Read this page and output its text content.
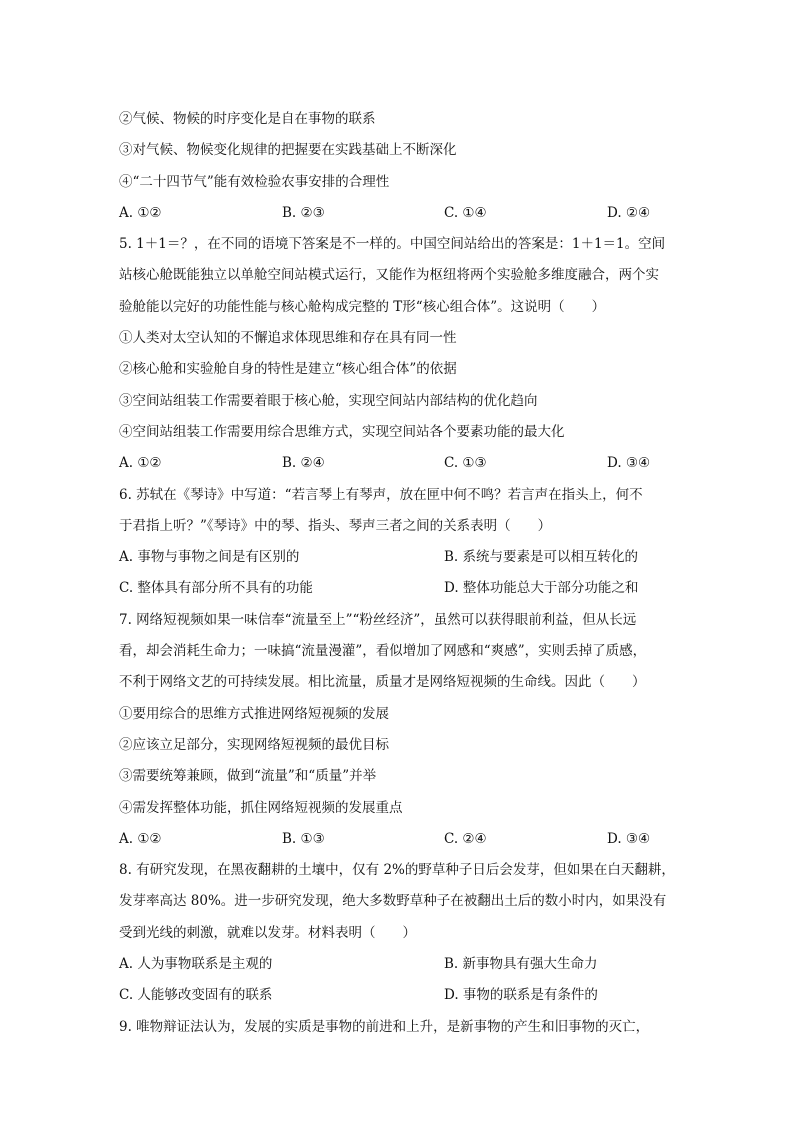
②气候、物候的时序变化是自在事物的联系
③对气候、物候变化规律的把握要在实践基础上不断深化
④“二十四节气”能有效检验农事安排的合理性
A. ①②	B. ②③	C. ①④	D. ②④
5. 1＋1＝？，在不同的语境下答案是不一样的。中国空间站给出的答案是：1＋1＝1。空间
站核心舱既能独立以单舱空间站模式运行，又能作为枢纽将两个实验舱多维度融合，两个实
验舱能以完好的功能性能与核心舱构成完整的 T形“核心组合体”。这说明（　　）
①人类对太空认知的不懈追求体现思维和存在具有同一性
②核心舱和实验舱自身的特性是建立“核心组合体”的依据
③空间站组装工作需要着眼于核心舱，实现空间站内部结构的优化趋向
④空间站组装工作需要用综合思维方式，实现空间站各个要素功能的最大化
A. ①②	B. ②④	C. ①③	D. ③④
6. 苏轼在《琴诗》中写道：“若言琴上有琴声，放在匣中何不鸣？若言声在指头上，何不
于君指上听？”《琴诗》中的琴、指头、琴声三者之间的关系表明（　　）
A. 事物与事物之间是有区别的	B. 系统与要素是可以相互转化的
C. 整体具有部分所不具有的功能	D. 整体功能总大于部分功能之和
7. 网络短视频如果一味信奉“流量至上”“粉丝经济”，虽然可以获得眼前利益，但从长远
看，却会消耗生命力；一味搞“流量漫灌”，看似增加了网感和“爽感”，实则丢掉了质感，
不利于网络文艺的可持续发展。相比流量，质量才是网络短视频的生命线。因此（　　）
①要用综合的思维方式推进网络短视频的发展
②应该立足部分，实现网络短视频的最优目标
③需要统筹兼顾，做到“流量”和“质量”并举
④需发挥整体功能，抓住网络短视频的发展重点
A. ①②	B. ①③	C. ②④	D. ③④
8. 有研究发现，在黑夜翻耕的土壤中，仅有 2%的野草种子日后会发芽，但如果在白天翻耕，
发芽率高达 80%。进一步研究发现，绝大多数野草种子在被翻出土后的数小时内，如果没有
受到光线的刺激，就难以发芽。材料表明（　　）
A. 人为事物联系是主观的	B. 新事物具有强大生命力
C. 人能够改变固有的联系	D. 事物的联系是有条件的
9. 唯物辩证法认为，发展的实质是事物的前进和上升，是新事物的产生和旧事物的灭亡，
